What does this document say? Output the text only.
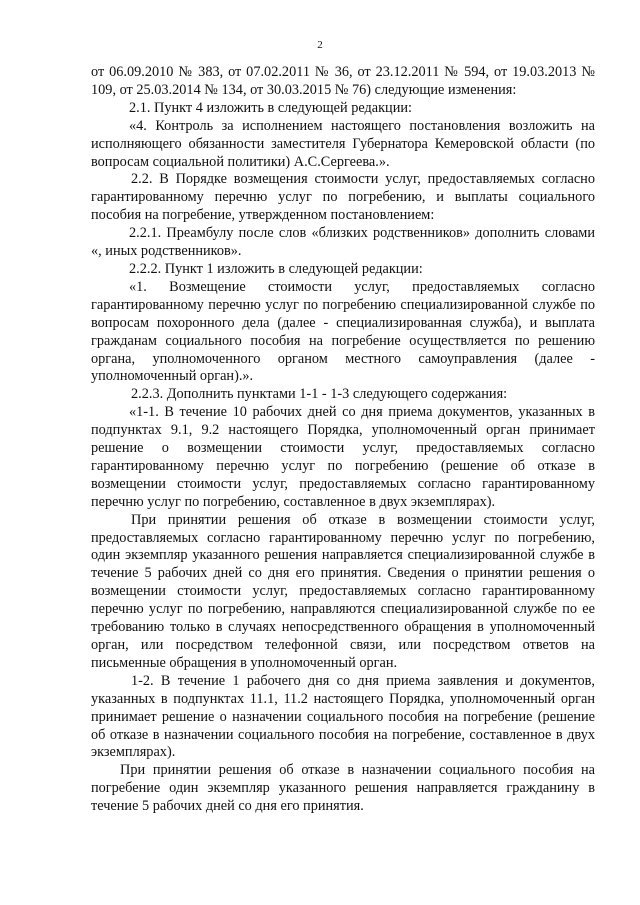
2

от 06.09.2010 № 383, от 07.02.2011 № 36, от 23.12.2011 № 594, от 19.03.2013 № 109, от 25.03.2014 № 134, от 30.03.2015 № 76) следующие изменения:

2.1. Пункт 4 изложить в следующей редакции:

«4. Контроль за исполнением настоящего постановления возложить на исполняющего обязанности заместителя Губернатора Кемеровской области (по вопросам социальной политики) А.С.Сергеева.».

2.2. В Порядке возмещения стоимости услуг, предоставляемых согласно гарантированному перечню услуг по погребению, и выплаты социального пособия на погребение, утвержденном постановлением:

2.2.1. Преамбулу после слов «близких родственников» дополнить словами «, иных родственников».

2.2.2. Пункт 1 изложить в следующей редакции:

«1. Возмещение стоимости услуг, предоставляемых согласно гарантированному перечню услуг по погребению специализированной службе по вопросам похоронного дела (далее - специализированная служба), и выплата гражданам социального пособия на погребение осуществляется по решению органа, уполномоченного органом местного самоуправления (далее - уполномоченный орган).».

2.2.3. Дополнить пунктами 1-1 - 1-3 следующего содержания:

«1-1. В течение 10 рабочих дней со дня приема документов, указанных в подпунктах 9.1, 9.2 настоящего Порядка, уполномоченный орган принимает решение о возмещении стоимости услуг, предоставляемых согласно гарантированному перечню услуг по погребению (решение об отказе в возмещении стоимости услуг, предоставляемых согласно гарантированному перечню услуг по погребению, составленное в двух экземплярах).

При принятии решения об отказе в возмещении стоимости услуг, предоставляемых согласно гарантированному перечню услуг по погребению, один экземпляр указанного решения направляется специализированной службе в течение 5 рабочих дней со дня его принятия. Сведения о принятии решения о возмещении стоимости услуг, предоставляемых согласно гарантированному перечню услуг по погребению, направляются специализированной службе по ее требованию только в случаях непосредственного обращения в уполномоченный орган, или посредством телефонной связи, или посредством ответов на письменные обращения в уполномоченный орган.

1-2. В течение 1 рабочего дня со дня приема заявления и документов, указанных в подпунктах 11.1, 11.2 настоящего Порядка, уполномоченный орган принимает решение о назначении социального пособия на погребение (решение об отказе в назначении социального пособия на погребение, составленное в двух экземплярах).

При принятии решения об отказе в назначении социального пособия на погребение один экземпляр указанного решения направляется гражданину в течение 5 рабочих дней со дня его принятия.
